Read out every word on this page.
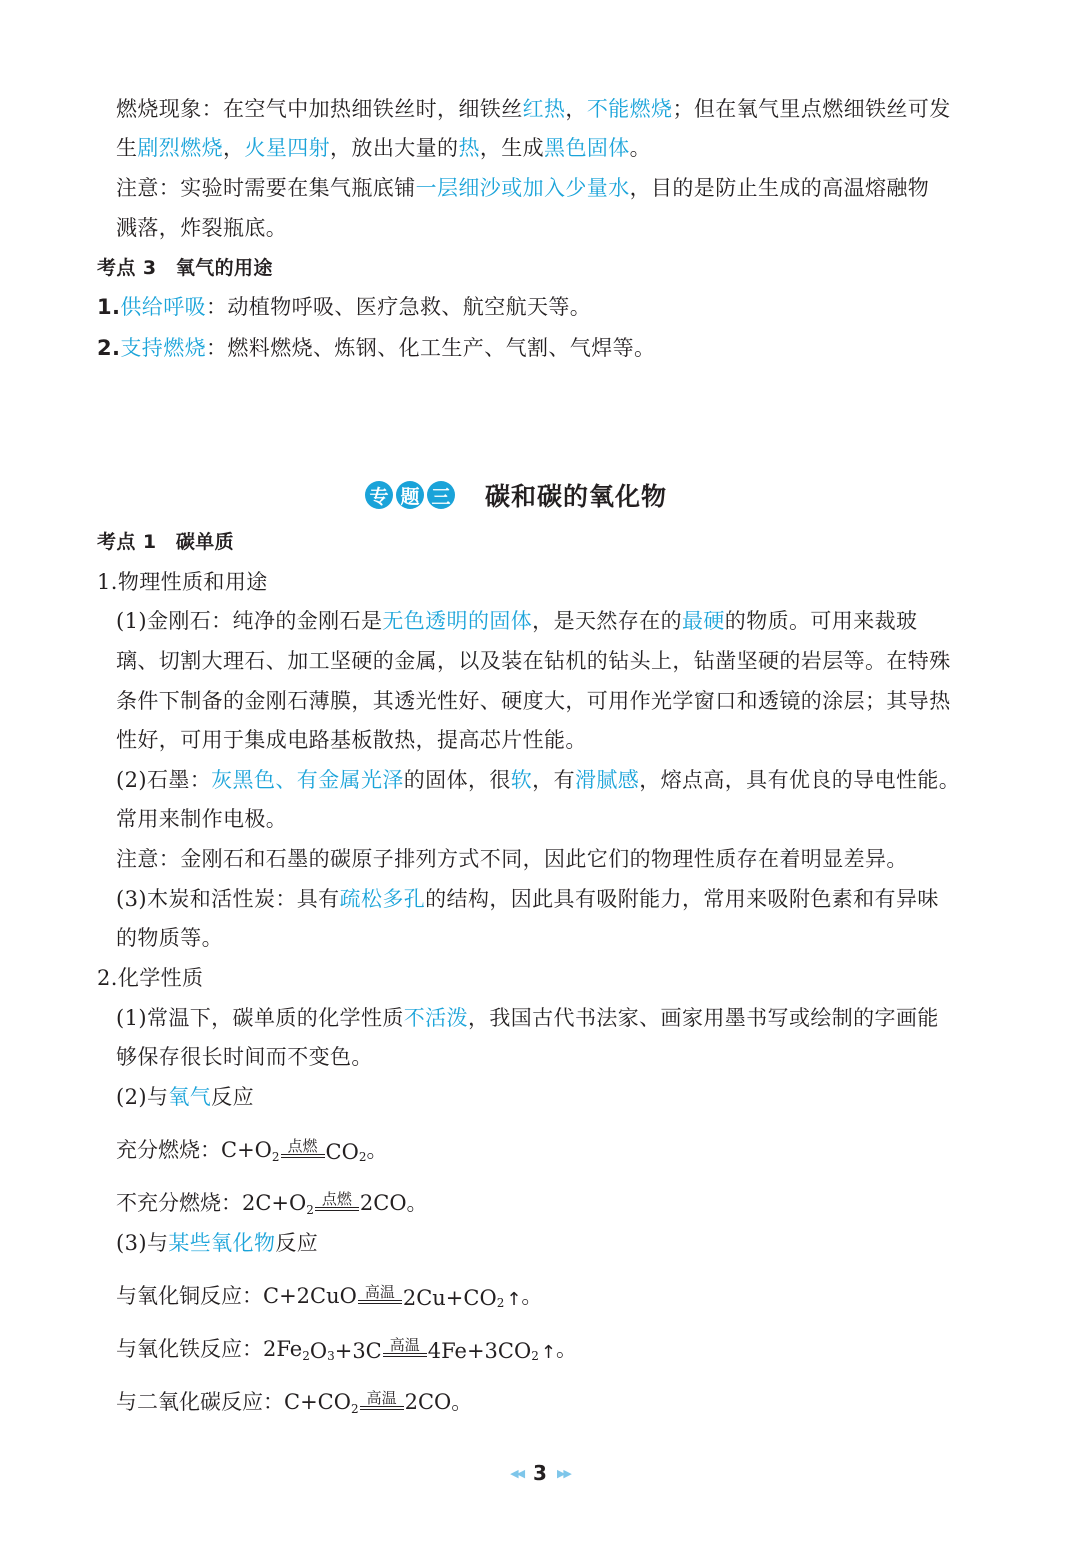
燃烧现象：在空气中加热细铁丝时，细铁丝红热，不能燃烧；但在氧气里点燃细铁丝可发
生剧烈燃烧，火星四射，放出大量的热，生成黑色固体。
注意：实验时需要在集气瓶底铺一层细沙或加入少量水，目的是防止生成的高温熔融物
溅落，炸裂瓶底。
考点 3　氧气的用途
1.供给呼吸：动植物呼吸、医疗急救、航空航天等。
2.支持燃烧：燃料燃烧、炼钢、化工生产、气割、气焊等。
专 题 三 碳和碳的氧化物
考点 1　碳单质
1.物理性质和用途
(1)金刚石：纯净的金刚石是无色透明的固体，是天然存在的最硬的物质。可用来裁玻
璃、切割大理石、加工坚硬的金属，以及装在钻机的钻头上，钻凿坚硬的岩层等。在特殊
条件下制备的金刚石薄膜，其透光性好、硬度大，可用作光学窗口和透镜的涂层；其导热
性好，可用于集成电路基板散热，提高芯片性能。
(2)石墨：灰黑色、有金属光泽的固体，很软，有滑腻感，熔点高，具有优良的导电性能。
常用来制作电极。
注意：金刚石和石墨的碳原子排列方式不同，因此它们的物理性质存在着明显差异。
(3)木炭和活性炭：具有疏松多孔的结构，因此具有吸附能力，常用来吸附色素和有异味
的物质等。
2.化学性质
(1)常温下，碳单质的化学性质不活泼，我国古代书法家、画家用墨书写或绘制的字画能
够保存很长时间而不变色。
(2)与氧气反应
充分燃烧：$C+O_2$
点燃 $CO_2$ 。
不充分燃烧：$2C+O_2$
点燃 2CO。
(3)与某些氧化物反应
与氧化铜反应：C+2CuO 高温 $2Cu+CO_2$ ↑ 。
与氧化铁反应：$2Fe_2$ $O_3 +3C$ 高温 $4Fe+3CO_2$ ↑ 。
与二氧化碳反应：$C+CO_2$
高温 2CO。
◀◀ 3 ▶▶
